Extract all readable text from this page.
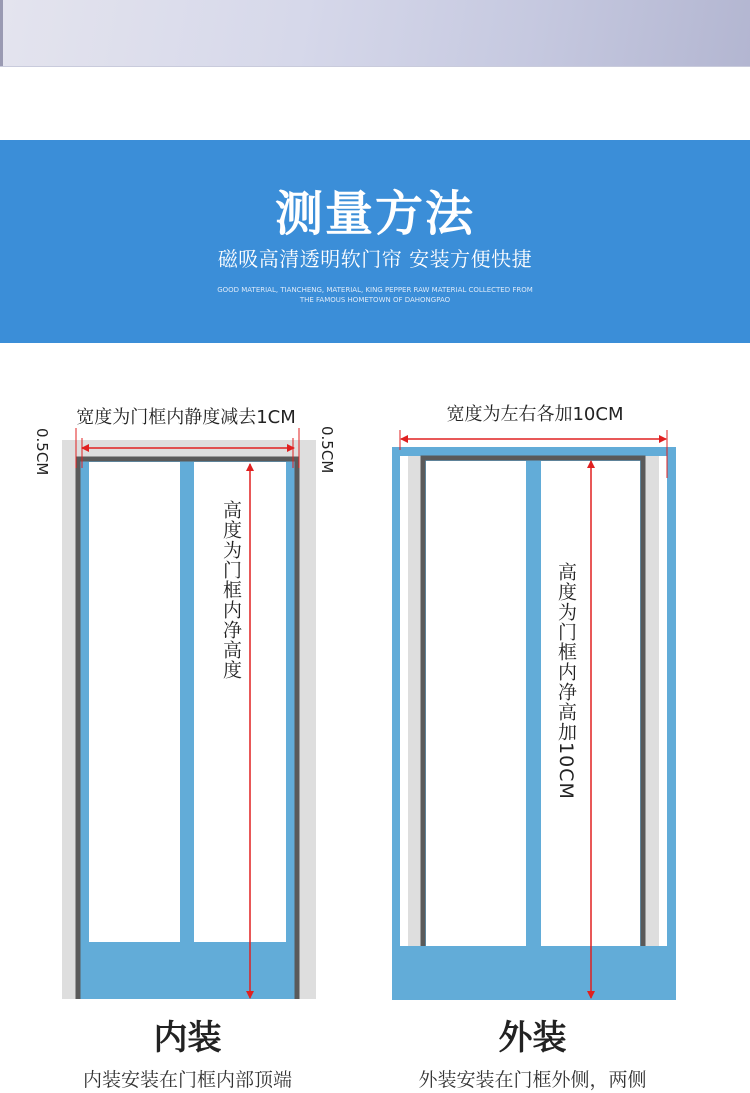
测量方法
磁吸高清透明软门帘 安装方便快捷
GOOD MATERIAL, TIANCHENG, MATERIAL, KING PEPPER RAW MATERIAL COLLECTED FROM
THE FAMOUS HOMETOWN OF DAHONGPAO
宽度为门框内静度减去1CM
0.5CM	0.5CM
高度为门框内净高度
宽度为左右各加10CM
高度为门框内净高加10CM
内装
内装安装在门框内部顶端
外装
外装安装在门框外侧，两侧
